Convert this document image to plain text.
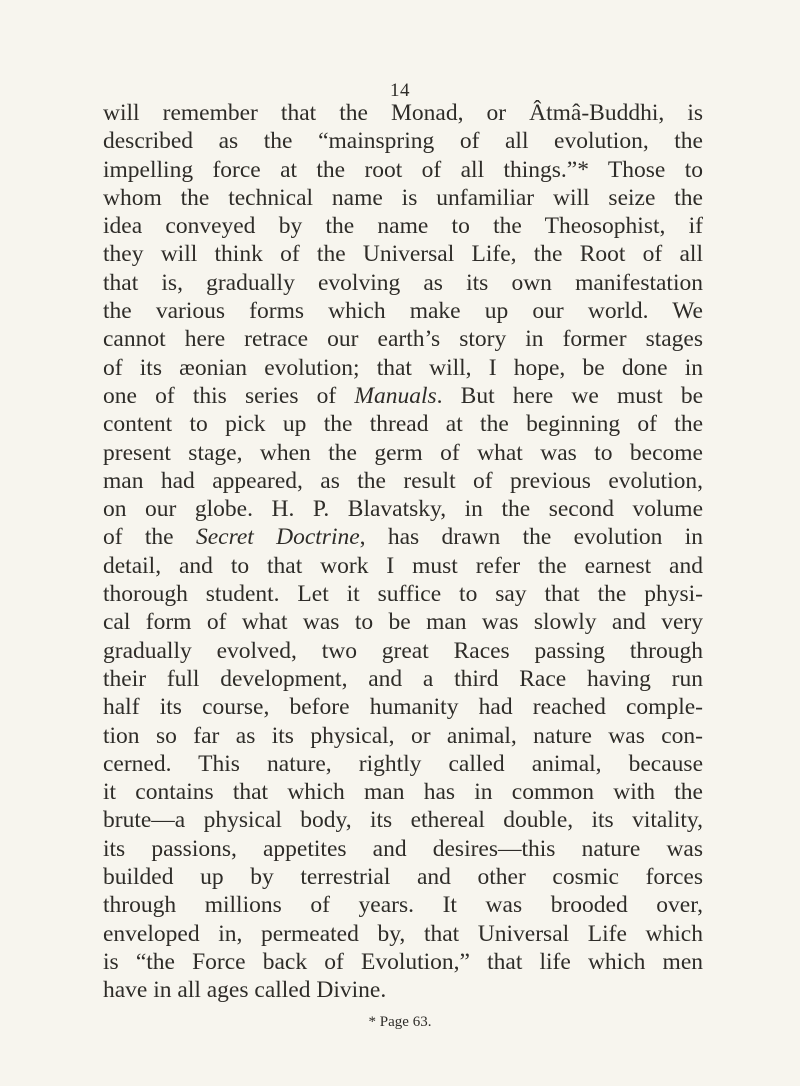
14
will remember that the Monad, or Âtmâ-Buddhi, is
described as the “mainspring of all evolution, the
impelling force at the root of all things.”* Those to
whom the technical name is unfamiliar will seize the
idea conveyed by the name to the Theosophist, if
they will think of the Universal Life, the Root of all
that is, gradually evolving as its own manifestation
the various forms which make up our world. We
cannot here retrace our earth’s story in former stages
of its æonian evolution; that will, I hope, be done in
one of this series of Manuals. But here we must be
content to pick up the thread at the beginning of the
present stage, when the germ of what was to become
man had appeared, as the result of previous evolution,
on our globe. H. P. Blavatsky, in the second volume
of the Secret Doctrine, has drawn the evolution in
detail, and to that work I must refer the earnest and
thorough student. Let it suffice to say that the physi-
cal form of what was to be man was slowly and very
gradually evolved, two great Races passing through
their full development, and a third Race having run
half its course, before humanity had reached comple-
tion so far as its physical, or animal, nature was con-
cerned. This nature, rightly called animal, because
it contains that which man has in common with the
brute—a physical body, its ethereal double, its vitality,
its passions, appetites and desires—this nature was
builded up by terrestrial and other cosmic forces
through millions of years. It was brooded over,
enveloped in, permeated by, that Universal Life which
is “the Force back of Evolution,” that life which men
have in all ages called Divine.
* Page 63.
